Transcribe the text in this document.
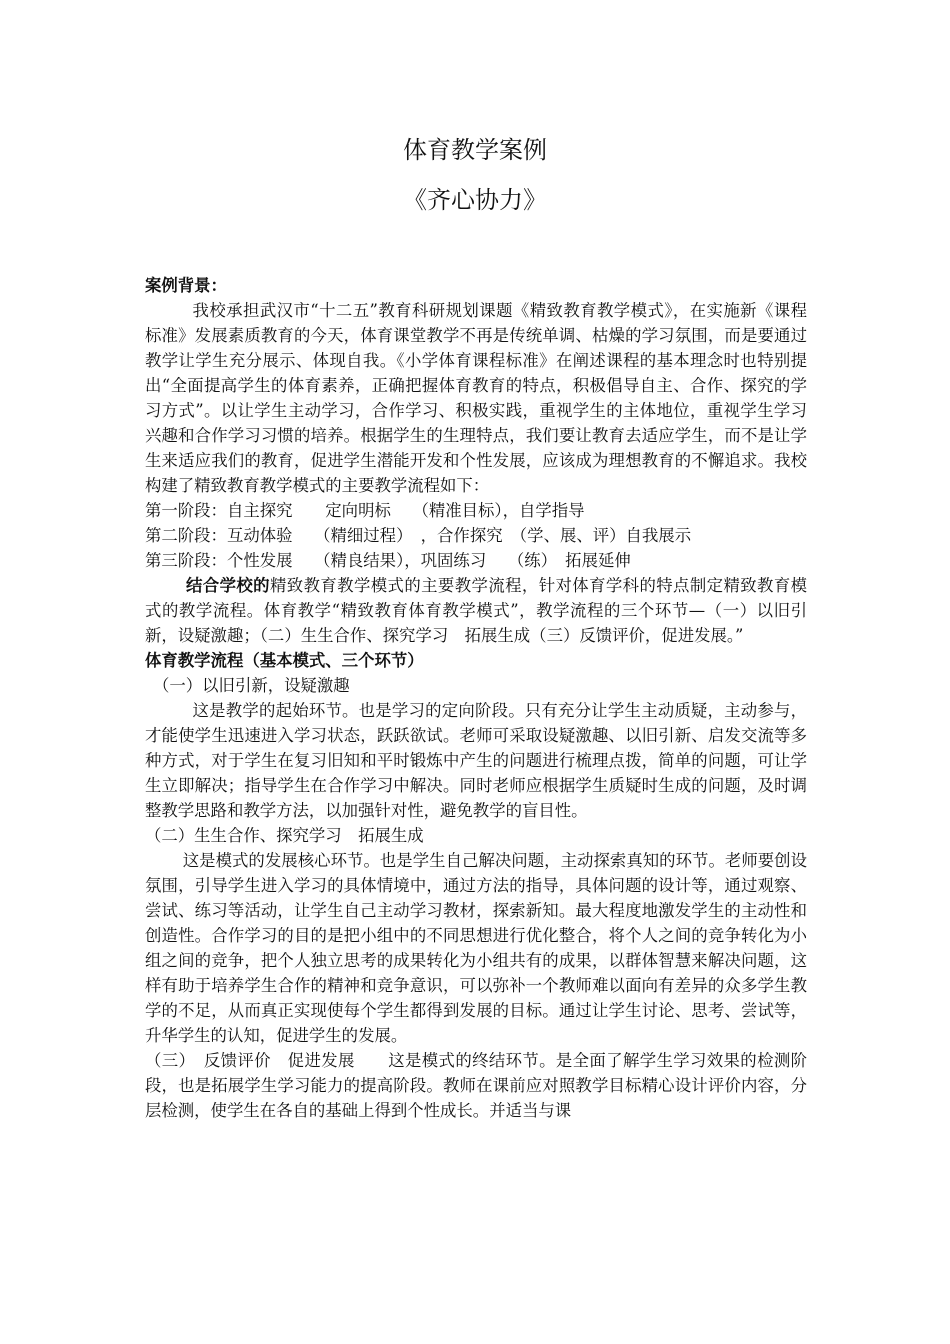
体育教学案例
《齐心协力》

案例背景：

我校承担武汉市“十二五”教育科研规划课题《精致教育教学模式》，在实施新《课程标准》发展素质教育的今天，体育课堂教学不再是传统单调、枯燥的学习氛围，而是要通过教学让学生充分展示、体现自我。《小学体育课程标准》在阐述课程的基本理念时也特别提出“全面提高学生的体育素养，正确把握体育教育的特点，积极倡导自主、合作、探究的学习方式”。以让学生主动学习，合作学习、积极实践，重视学生的主体地位，重视学生学习兴趣和合作学习习惯的培养。根据学生的生理特点，我们要让教育去适应学生，而不是让学生来适应我们的教育，促进学生潜能开发和个性发展，应该成为理想教育的不懈追求。我校构建了精致教育教学模式的主要教学流程如下：

第一阶段：自主探究　　定向明标　 （精准目标），自学指导

第二阶段：互动体验　 （精细过程）　，合作探究　（学、展、评）自我展示

第三阶段：个性发展　 （精良结果），巩固练习　 （练）　拓展延伸

结合学校的精致教育教学模式的主要教学流程，针对体育学科的特点制定精致教育模式的教学流程。体育教学“精致教育体育教学模式”，教学流程的三个环节—（一）以旧引新，设疑激趣；（二）生生合作、探究学习　拓展生成（三）反馈评价，促进发展。”

体育教学流程（基本模式、三个环节）

（一）以旧引新，设疑激趣

这是教学的起始环节。也是学习的定向阶段。只有充分让学生主动质疑，主动参与，才能使学生迅速进入学习状态，跃跃欲试。老师可采取设疑激趣、以旧引新、启发交流等多种方式，对于学生在复习旧知和平时锻炼中产生的问题进行梳理点拨，简单的问题，可让学生立即解决；指导学生在合作学习中解决。同时老师应根据学生质疑时生成的问题，及时调整教学思路和教学方法，以加强针对性，避免教学的盲目性。

（二）生生合作、探究学习　拓展生成

这是模式的发展核心环节。也是学生自己解决问题，主动探索真知的环节。老师要创设氛围，引导学生进入学习的具体情境中，通过方法的指导，具体问题的设计等，通过观察、尝试、练习等活动，让学生自己主动学习教材，探索新知。最大程度地激发学生的主动性和创造性。合作学习的目的是把小组中的不同思想进行优化整合，将个人之间的竞争转化为小组之间的竞争，把个人独立思考的成果转化为小组共有的成果，以群体智慧来解决问题，这样有助于培养学生合作的精神和竞争意识，可以弥补一个教师难以面向有差异的众多学生教学的不足，从而真正实现使每个学生都得到发展的目标。通过让学生讨论、思考、尝试等，升华学生的认知，促进学生的发展。

（三）　反馈评价　促进发展　　这是模式的终结环节。是全面了解学生学习效果的检测阶段，也是拓展学生学习能力的提高阶段。教师在课前应对照教学目标精心设计评价内容，分层检测，使学生在各自的基础上得到个性成长。并适当与课
